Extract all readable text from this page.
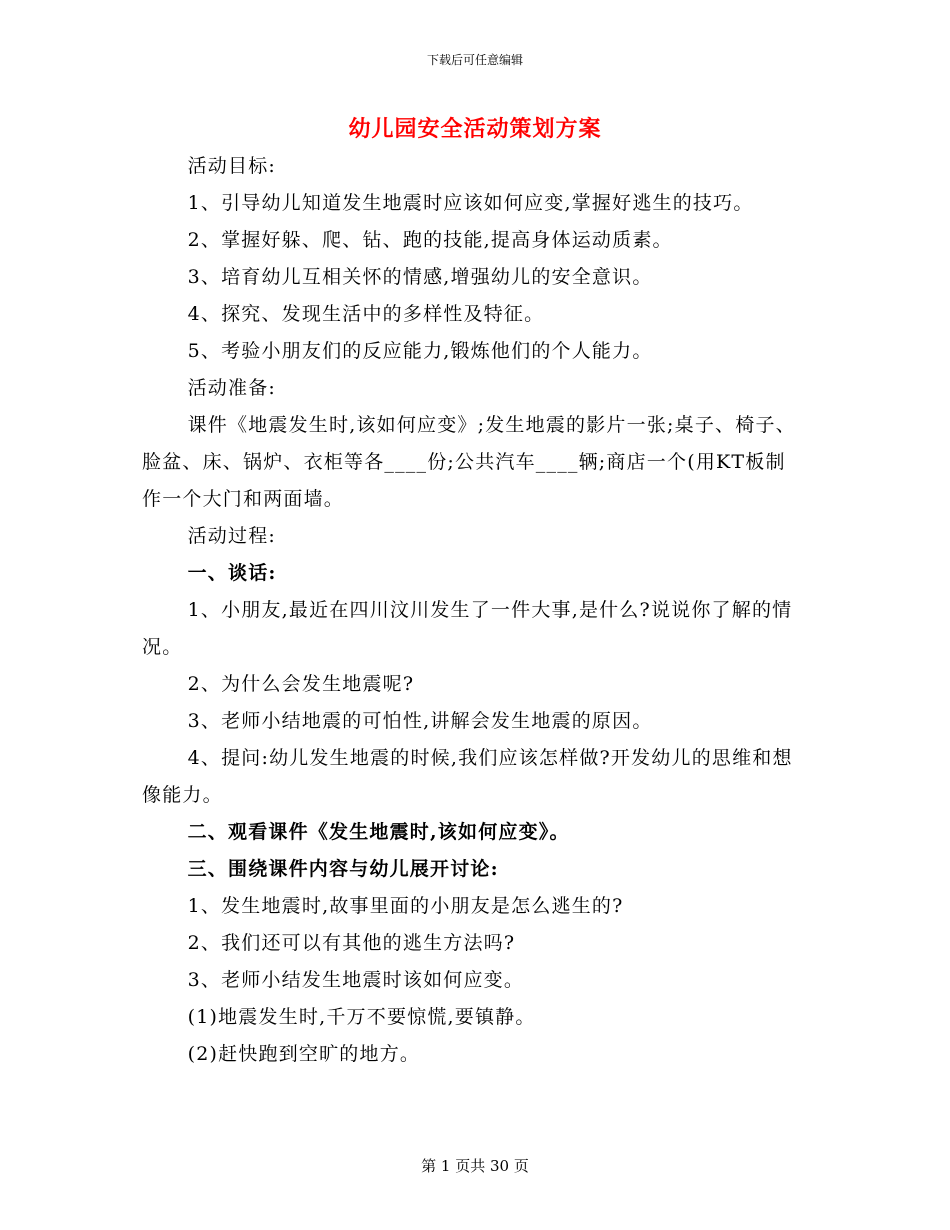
下载后可任意编辑
幼儿园安全活动策划方案

活动目标:

1、引导幼儿知道发生地震时应该如何应变,掌握好逃生的技巧。

2、掌握好躲、爬、钻、跑的技能,提高身体运动质素。

3、培育幼儿互相关怀的情感,增强幼儿的安全意识。

4、探究、发现生活中的多样性及特征。

5、考验小朋友们的反应能力,锻炼他们的个人能力。

活动准备:

课件《地震发生时,该如何应变》;发生地震的影片一张;桌子、椅子、脸盆、床、锅炉、衣柜等各____份;公共汽车____辆;商店一个(用KT板制作一个大门和两面墙。

活动过程:

一、谈话:

1、小朋友,最近在四川汶川发生了一件大事,是什么?说说你了解的情况。

2、为什么会发生地震呢?

3、老师小结地震的可怕性,讲解会发生地震的原因。

4、提问:幼儿发生地震的时候,我们应该怎样做?开发幼儿的思维和想像能力。

二、观看课件《发生地震时,该如何应变》。

三、围绕课件内容与幼儿展开讨论:

1、发生地震时,故事里面的小朋友是怎么逃生的?

2、我们还可以有其他的逃生方法吗?

3、老师小结发生地震时该如何应变。

(1)地震发生时,千万不要惊慌,要镇静。

(2)赶快跑到空旷的地方。

第 1 页共 30 页
